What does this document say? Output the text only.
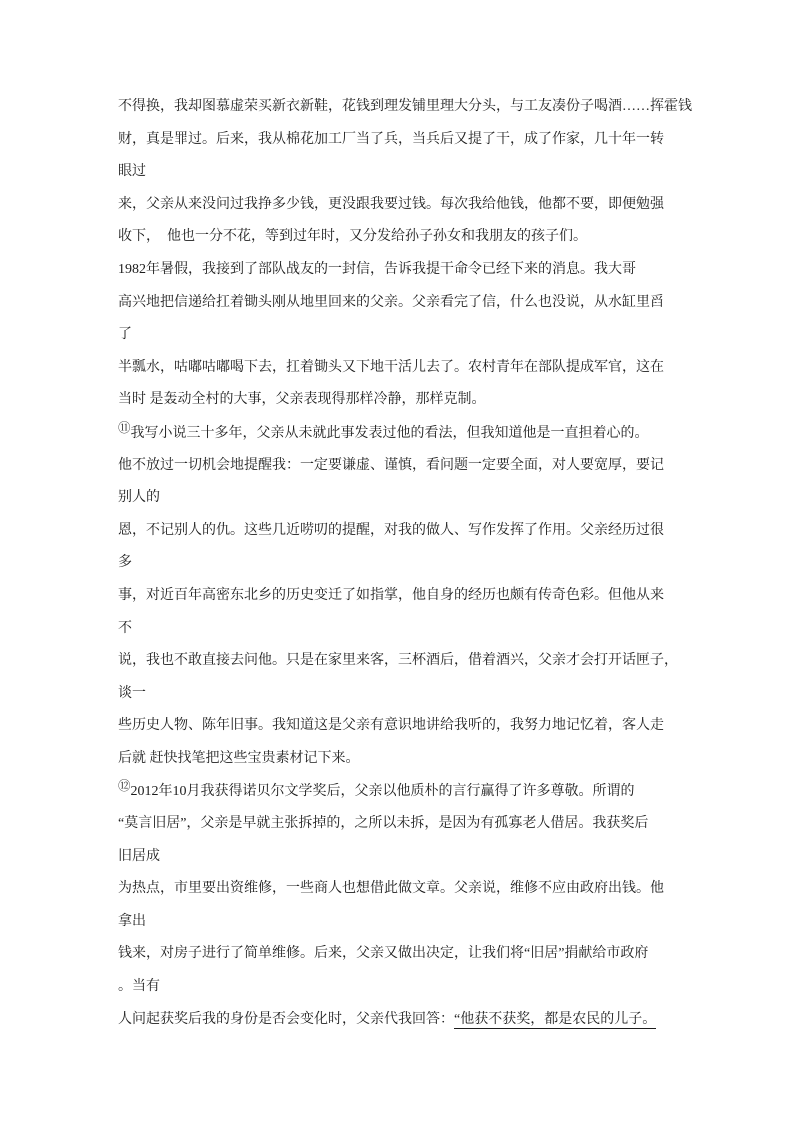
不得换，我却图慕虚荣买新衣新鞋，花钱到理发铺里理大分头，与工友凑份子喝酒……挥霍钱
财，真是罪过。后来，我从棉花加工厂当了兵，当兵后又提了干，成了作家，几十年一转
眼过
来，父亲从来没问过我挣多少钱，更没跟我要过钱。每次我给他钱，他都不要，即便勉强
收下，  他也一分不花，等到过年时，又分发给孙子孙女和我朋友的孩子们。
1982年暑假，我接到了部队战友的一封信，告诉我提干命令已经下来的消息。我大哥
高兴地把信递给扛着锄头刚从地里回来的父亲。父亲看完了信，什么也没说，从水缸里舀
了
半瓢水，咕嘟咕嘟喝下去，扛着锄头又下地干活儿去了。农村青年在部队提成军官，这在
当时 是轰动全村的大事，父亲表现得那样冷静，那样克制。
⑪我写小说三十多年，父亲从未就此事发表过他的看法，但我知道他是一直担着心的。
他不放过一切机会地提醒我：一定要谦虚、谨慎，看问题一定要全面，对人要宽厚，要记
别人的
恩，不记别人的仇。这些几近唠叨的提醒，对我的做人、写作发挥了作用。父亲经历过很
多
事，对近百年高密东北乡的历史变迁了如指掌，他自身的经历也颇有传奇色彩。但他从来
不
说，我也不敢直接去问他。只是在家里来客，三杯酒后，借着酒兴，父亲才会打开话匣子，
谈一
些历史人物、陈年旧事。我知道这是父亲有意识地讲给我听的，我努力地记忆着，客人走
后就 赶快找笔把这些宝贵素材记下来。
⑫2012年10月我获得诺贝尔文学奖后，父亲以他质朴的言行赢得了许多尊敬。所谓的
“莫言旧居”，父亲是早就主张拆掉的，之所以未拆，是因为有孤寡老人借居。我获奖后
旧居成
为热点，市里要出资维修，一些商人也想借此做文章。父亲说，维修不应由政府出钱。他
拿出
钱来，对房子进行了简单维修。后来，父亲又做出决定，让我们将“旧居”捐献给市政府
。当有
人问起获奖后我的身份是否会变化时，父亲代我回答：“他获不获奖，都是农民的儿子。
